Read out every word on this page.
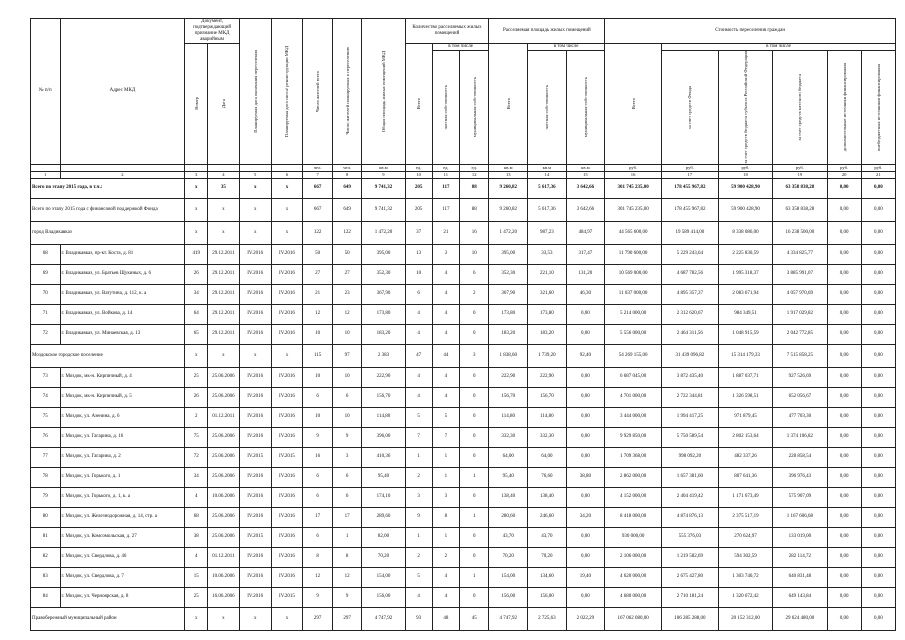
№ п/п	Адрес МКД	Документ, подтверждающий признание МКД аварийным		Планируемая дата окончания переселения	Планируемая дата сноса/ реконструкции МКД	Число жителей всего	Число жителей планируемых к переселению	Общая площадь жилых помещений МКД	Количество расселяемых жилых помещений			Расселяемая площадь жилых помещений			Стоимость переселения граждан					

		Номер	Дата						Всего	в том числе		Всего	в том числе		Всего	в том числе				

										частная собственность	муниципальная собственность		частная собственность	муниципальная собственность		за счет средств Фонда	за счет средств бюджета субъекта Российской Федерации	за счет средств местного бюджета	дополнительные источники финансирования	внебюджетных источников финансирования

						чел.	чел.	кв.м	ед.	ед.	ед.	кв.м	кв.м	кв.м	руб.	руб.	руб.	руб.	руб.	руб.
1	2	3	4	5	6	7	8	9	10	11	12	13	14	15	16	17	18	19	20	21
Всего по этапу 2015 года, в т.ч.:		x	35	x	x	667	649	9 741,32	205	117	88	9 260,82	5 617,36	3 642,66	301 745 235,00	178 455 967,82	59 900 428,90	63 358 838,28	0,00	0,00
Всего по этапу 2015 года с финансовой поддержкой Фонда		x	x	x	x	667	649	9 741,32	205	117	88	9 260,82	5 617,36	3 642,66	301 745 235,00	178 455 967,82	59 900 428,90	63 358 838,28	0,00	0,00
город Владикавказ		x	x	x	x	122	122	1 472,20	37	21	16	1 472,20	987,23	484,97	44 565 600,00	19 589 414,00	8 338 086,00	16 238 500,00	0,00	0,00
68	г. Владикавказ, пр-кт. Коста, д. 81	419	29.12.2011	IV.2016	IV.2016	50	50	395,00	13	3	10	395,00	33,53	317,47	11 790 600,00	5 229 243,64	2 225 830,59	4 334 825,77	0,00	0,00
69	г. Владикавказ, ул. Братьев Щукиных, д. 6	26	29.12.2011	IV.2016	IV.2016	27	27	352,30	10	4	6	352,30	221,10	131,20	10 569 000,00	4 687 782,56	1 995 318,37	3 885 991,07	0,00	0,00
70	г. Владикавказ, ул. Ватутина, д. 112, к. а	34	29.12.2011	IV.2016	IV.2016	21	23	367,90	6	4	2	367,90	321,60	46,30	11 037 000,00	4 895 357,37	2 083 671,94	4 057 970,69	0,00	0,00
71	г. Владикавказ, ул. Войкова, д. 14	64	29.12.2011	IV.2016	IV.2016	12	12	173,80	4	4	0	173,80	173,80	0,00	5 214 000,00	2 312 620,67	984 349,51	1 917 029,82	0,00	0,00
72	г. Владикавказ, ул. Минаевская, д. 13	65	29.12.2011	IV.2016	IV.2016	10	10	183,20	4	4	0	183,20	183,20	0,00	5 556 000,00	2 464 311,56	1 048 915,59	2 042 772,85	0,00	0,00
Моздокское городское поселение		x	x	x	x	115	97	2 383	47	44	3	1 838,60	1 739,20	92,40	54 269 155,00	31 439 096,82	15 314 179,33	7 515 858,25	0,00	0,00
73	г. Моздок, мк-н. Кирпичный, д. 4	25	25.06.2006	IV.2016	IV.2016	10	10	222,90	4	4	0	222,90	222,90	0,00	6 687 045,00	3 872 435,40	1 887 037,71	927 526,69	0,00	0,00
74	г. Моздок, мк-н. Кирпичный, д. 5	26	25.06.2006	IV.2016	IV.2016	6	6	156,70	4	4	0	156,70	156,70	0,00	4 701 000,00	2 722 344,81	1 326 598,51	652 056,67	0,00	0,00
75	г. Моздок, ул. Азенина, д. 6	2	01.12.2011	IV.2016	IV.2016	10	10	114,80	5	5	0	114,80	114,80	0,00	3 444 000,00	1 994 417,25	971 879,45	477 703,30	0,00	0,00
76	г. Моздок, ул. Гагарина, д. 16	75	25.06.2006	IV.2016	IV.2016	9	9	396,00	7	7	0	332,30	332,30	0,00	9 929 850,00	5 750 589,54	2 802 153,64	1 374 106,82	0,00	0,00
77	г. Моздок, ул. Гагарина, д. 2	72	25.06.2006	IV.2015	IV.2015	16	3	410,36	1	1	0	64,00	64,00	0,00	1 709 368,00	998 092,20	482 337,26	228 858,54	0,00	0,00
78	г. Моздок, ул. Горького, д. 1	34	25.06.2006	IV.2016	IV.2016	6	6	95,40	2	1	1	95,40	76,60	38,80	2 862 000,00	1 657 381,60	807 641,36	396 976,43	0,00	0,00
79	г. Моздок, ул. Горького, д. 1, к. а	4	10.06.2006	IV.2016	IV.2016	6	6	174,10	3	3	0	138,40	138,40	0,00	4 152 000,00	2 404 419,42	1 171 673,49	575 907,09	0,00	0,00
80	г. Моздок, ул. Железнодорожная, д. 14, стр. а	68	25.06.2006	IV.2016	IV.2016	17	17	289,60	9	8	1	280,60	246,60	34,20	8 418 000,00	4 874 876,13	2 375 517,19	1 167 606,68	0,00	0,00
81	г. Моздок, ул. Комсомольская, д. 27	38	25.06.2006	IV.2015	IV.2016	6	1	82,00	1	1	0	43,70	43,70	0,00	930 000,00	555 376,03	270 624,97	133 019,00	0,00	0,00
82	г. Моздок, ул. Свердлова, д. 46	4	01.12.2011	IV.2016	IV.2016	8	8	70,20	2	2	0	70,20	70,20	0,00	2 106 000,00	1 219 582,69	594 302,59	282 114,72	0,00	0,00
83	г. Моздок, ул. Свердлова, д. 7	15	10.06.2006	IV.2016	IV.2016	12	12	154,00	5	4	1	154,00	134,60	19,40	4 620 000,00	2 675 427,80	1 303 740,72	640 831,48	0,00	0,00
84	г. Моздок, ул. Черноярская, д. 8	25	16.06.2006	IV.2016	IV.2015	9	9	156,00	4	4	0	156,00	156,00	0,00	4 680 000,00	2 710 181,24	1 320 672,42	649 143,84	0,00	0,00
Правобережный муниципальный район		x	x	x	x	297	297	4 747,92	93	48	45	4 747,92	2 725,63	2 022,29	167 062 080,00	106 285 288,00	20 152 312,00	29 624 480,00	0,00	0,00
